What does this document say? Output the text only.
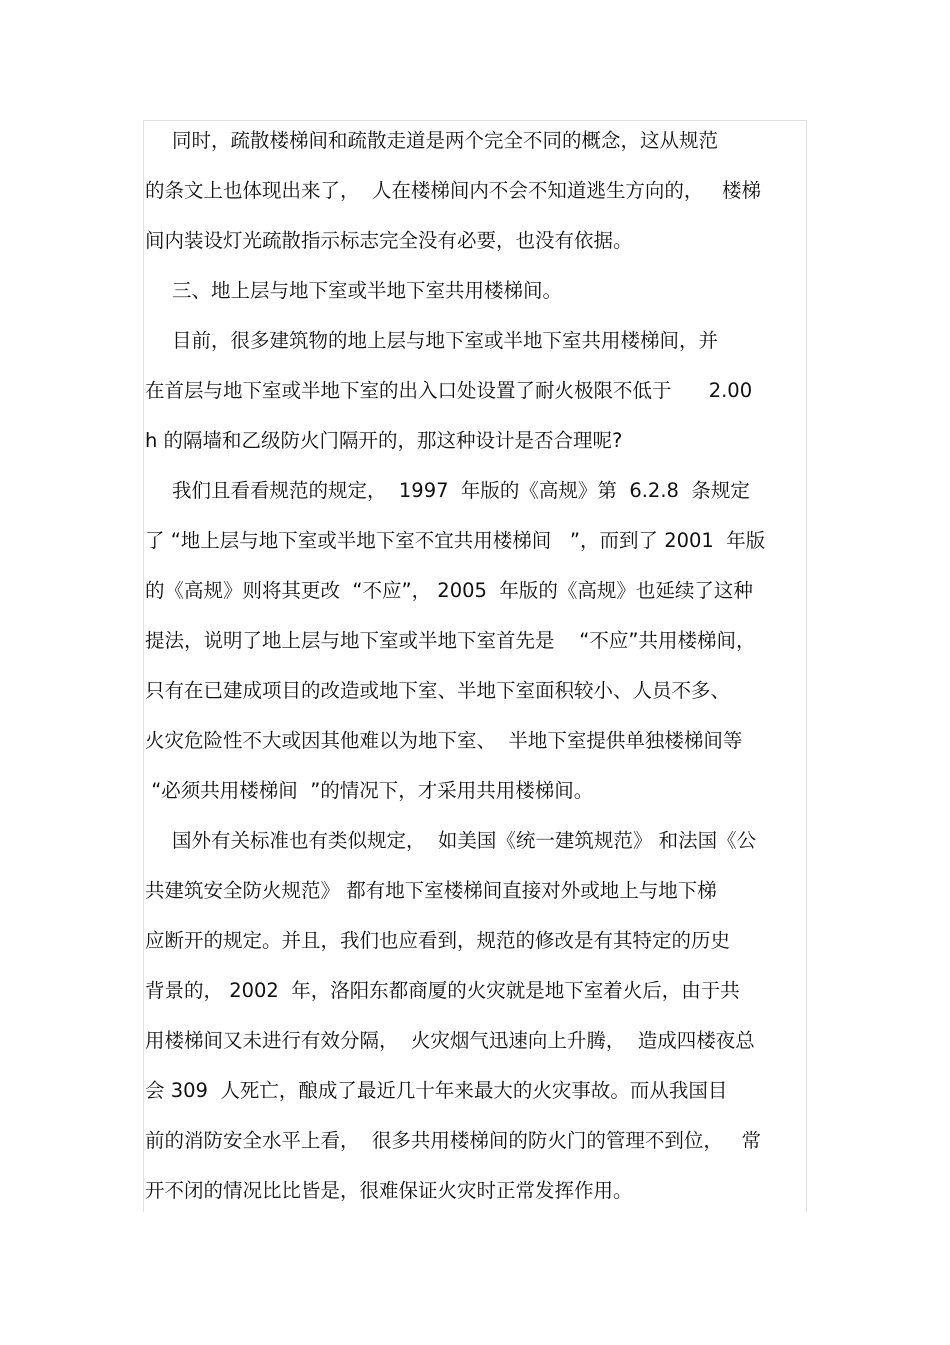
同时，疏散楼梯间和疏散走道是两个完全不同的概念，这从规范
的条文上也体现出来了，  人在楼梯间内不会不知道逃生方向的，   楼梯
间内装设灯光疏散指示标志完全没有必要，也没有依据。
三、地上层与地下室或半地下室共用楼梯间。
目前，很多建筑物的地上层与地下室或半地下室共用楼梯间，并
在首层与地下室或半地下室的出入口处设置了耐火极限不低于      2.00
h 的隔墙和乙级防火门隔开的，那这种设计是否合理呢?
我们且看看规范的规定，  1997  年版的《高规》第  6.2.8  条规定
了 “地上层与地下室或半地下室不宜共用楼梯间   ”，而到了 2001  年版
的《高规》则将其更改  “不应”， 2005  年版的《高规》也延续了这种
提法，说明了地上层与地下室或半地下室首先是    “不应”共用楼梯间，
只有在已建成项目的改造或地下室、半地下室面积较小、人员不多、
火灾危险性不大或因其他难以为地下室、  半地下室提供单独楼梯间等
“必须共用楼梯间  ”的情况下，才采用共用楼梯间。
国外有关标准也有类似规定，  如美国《统一建筑规范》 和法国《公
共建筑安全防火规范》 都有地下室楼梯间直接对外或地上与地下梯
应断开的规定。并且，我们也应看到，规范的修改是有其特定的历史
背景的， 2002  年，洛阳东都商厦的火灾就是地下室着火后，由于共
用楼梯间又未进行有效分隔，  火灾烟气迅速向上升腾，  造成四楼夜总
会 309  人死亡，酿成了最近几十年来最大的火灾事故。而从我国目
前的消防安全水平上看，  很多共用楼梯间的防火门的管理不到位，   常
开不闭的情况比比皆是，很难保证火灾时正常发挥作用。
